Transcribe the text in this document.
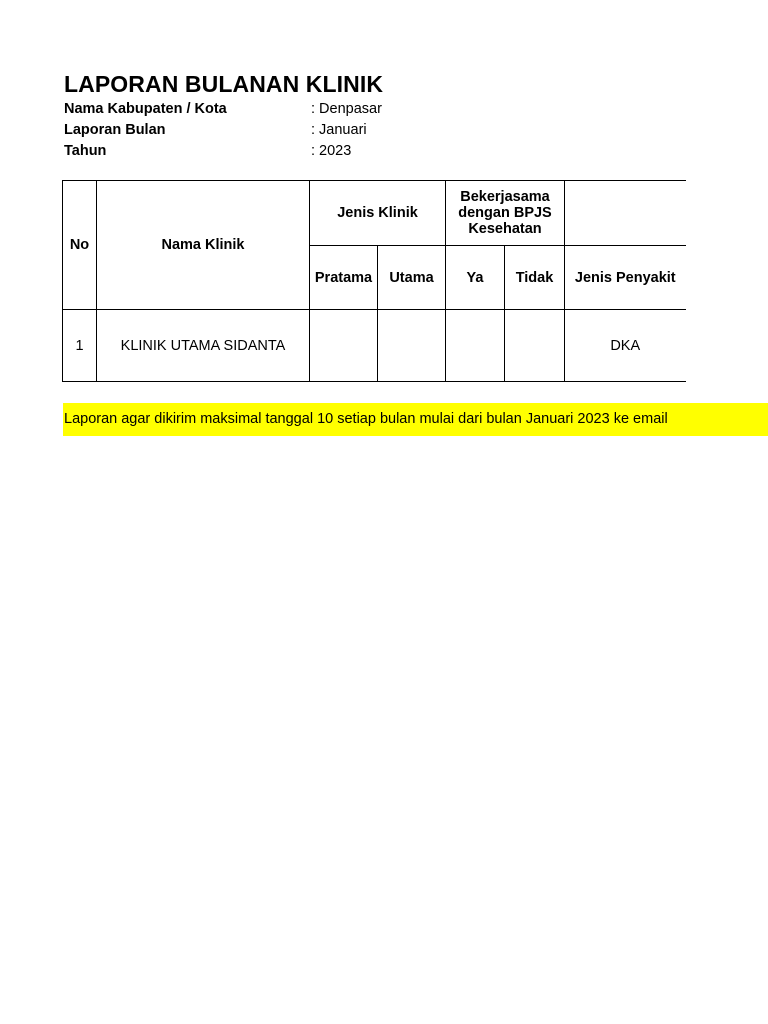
LAPORAN BULANAN KLINIK
Nama Kabupaten / Kota	: Denpasar
Laporan Bulan	: Januari
Tahun	: 2023
No	Nama Klinik	Jenis Klinik		Bekerjasama dengan BPJS Kesehatan		
		Pratama	Utama	Ya	Tidak	Jenis Penyakit
1	KLINIK UTAMA SIDANTA					DKA
Laporan agar dikirim maksimal tanggal 10 setiap bulan mulai dari bulan Januari 2023 ke email
